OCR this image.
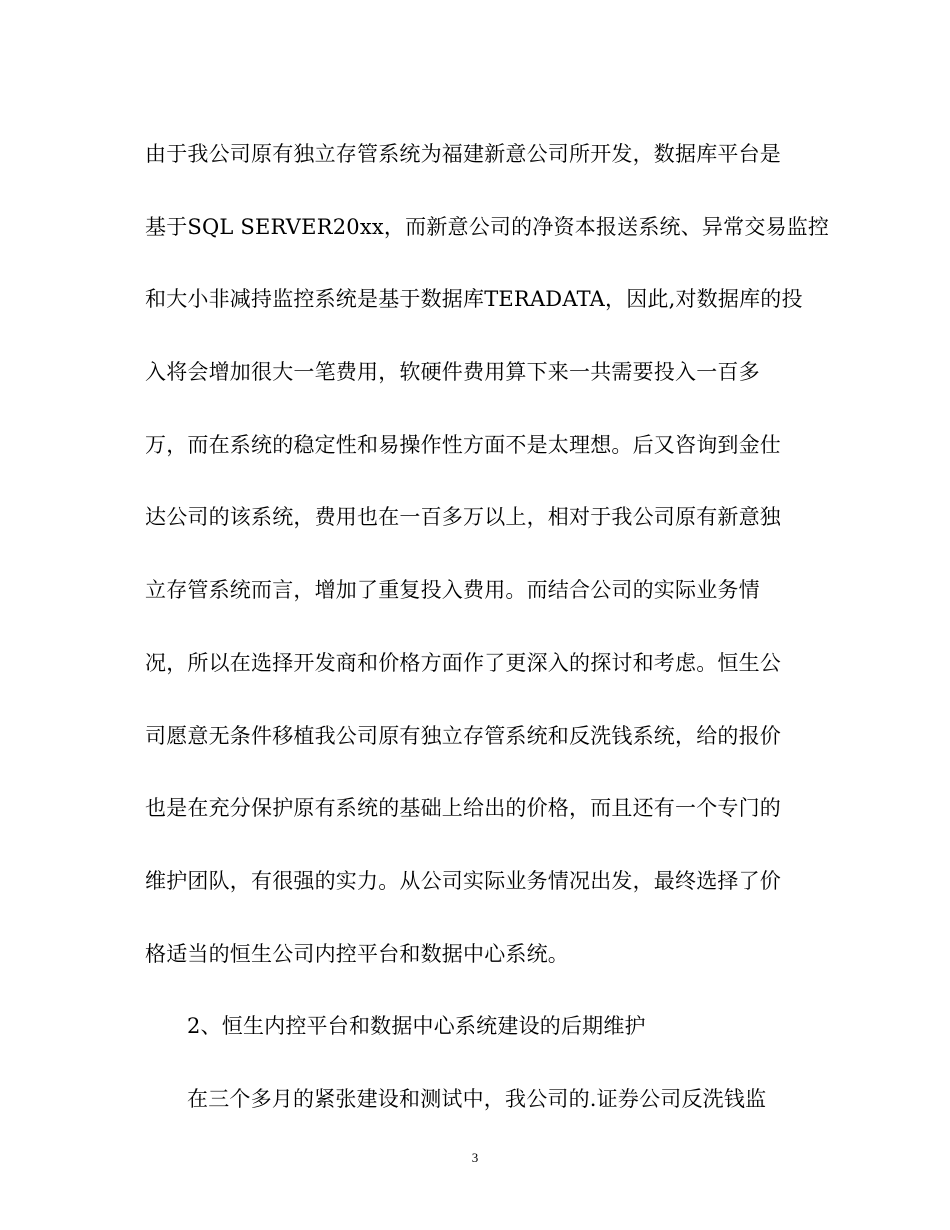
由于我公司原有独立存管系统为福建新意公司所开发，数据库平台是
基于SQL SERVER20xx，而新意公司的净资本报送系统、异常交易监控
和大小非减持监控系统是基于数据库TERADATA，因此,对数据库的投
入将会增加很大一笔费用，软硬件费用算下来一共需要投入一百多
万，而在系统的稳定性和易操作性方面不是太理想。后又咨询到金仕
达公司的该系统，费用也在一百多万以上，相对于我公司原有新意独
立存管系统而言，增加了重复投入费用。而结合公司的实际业务情
况，所以在选择开发商和价格方面作了更深入的探讨和考虑。恒生公
司愿意无条件移植我公司原有独立存管系统和反洗钱系统，给的报价
也是在充分保护原有系统的基础上给出的价格，而且还有一个专门的
维护团队，有很强的实力。从公司实际业务情况出发，最终选择了价
格适当的恒生公司内控平台和数据中心系统。
2、恒生内控平台和数据中心系统建设的后期维护
在三个多月的紧张建设和测试中，我公司的.证券公司反洗钱监
3
